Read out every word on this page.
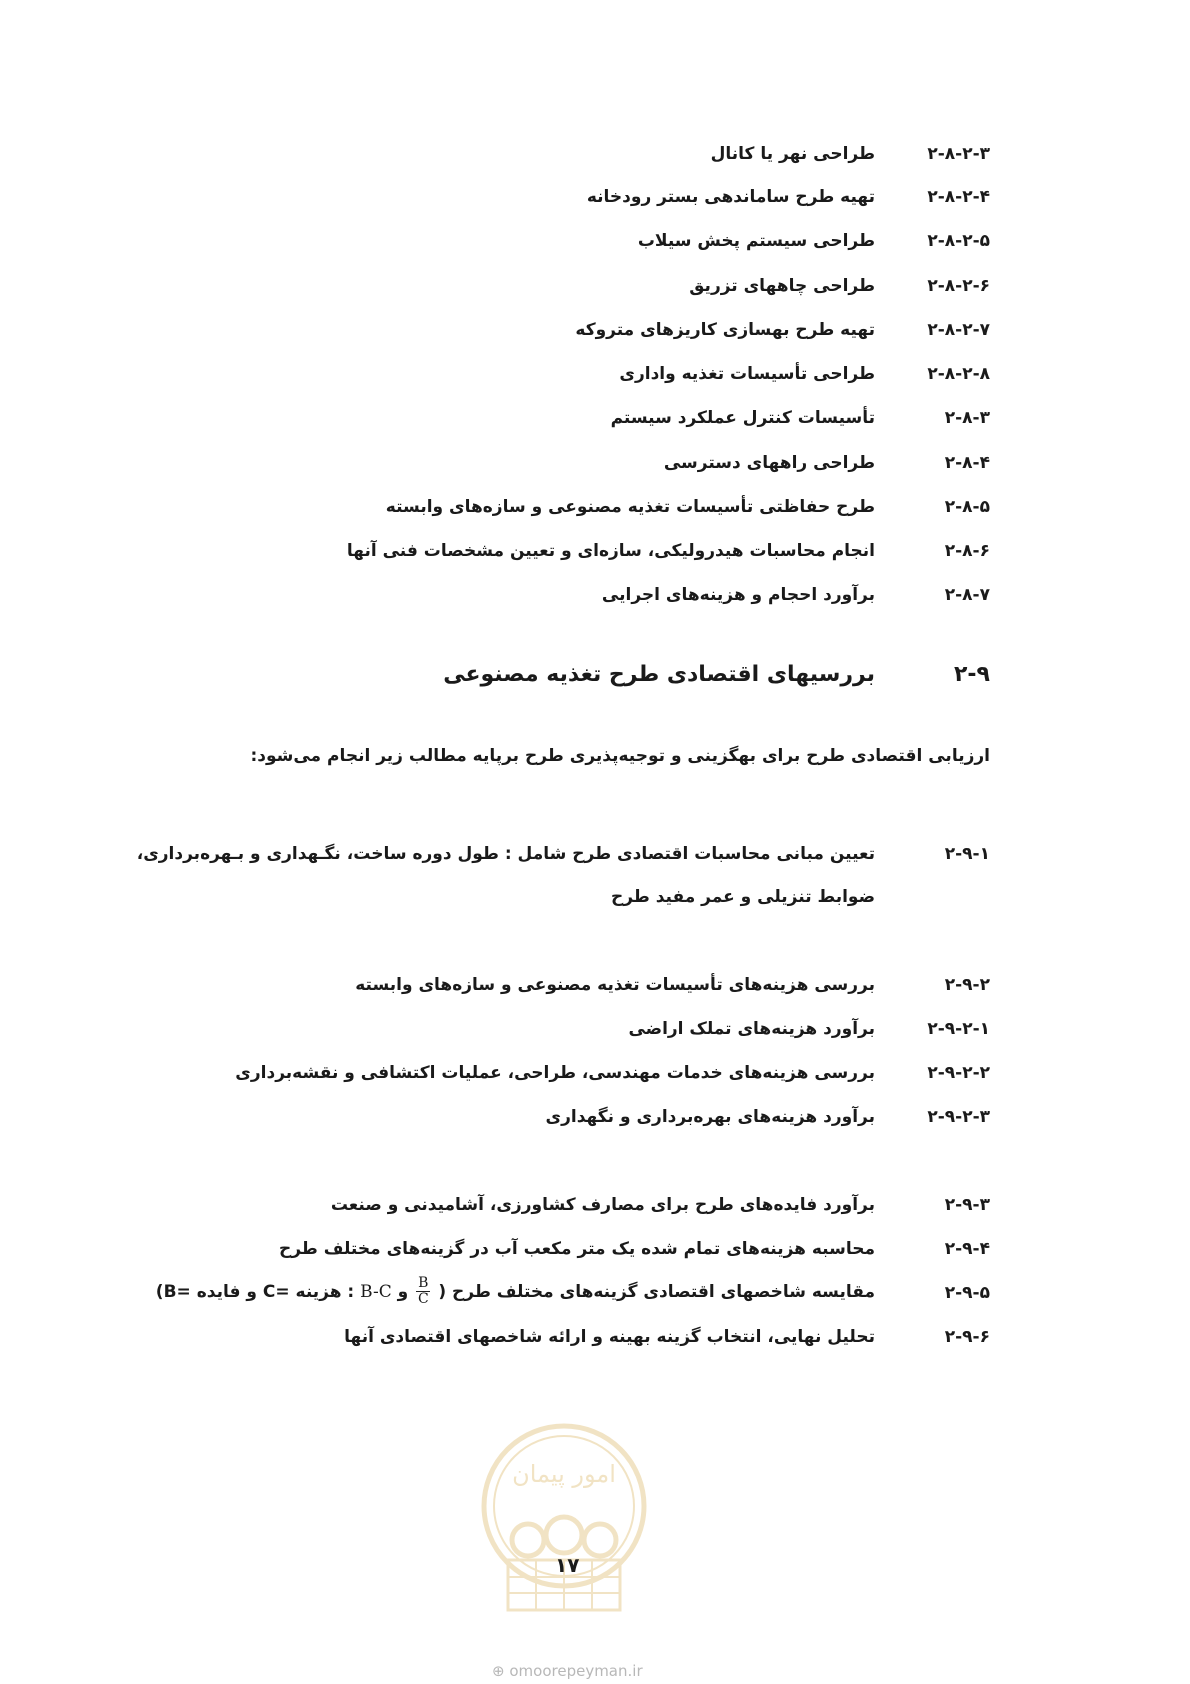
۲-۸-۲-۳
طراحی نهر یا کانال
۲-۸-۲-۴
تهیه طرح ساماندهی بستر رودخانه
۲-۸-۲-۵
طراحی سیستم پخش سیلاب
۲-۸-۲-۶
طراحی چاههای تزریق
۲-۸-۲-۷
تهیه طرح بهسازی کاریزهای متروکه
۲-۸-۲-۸
طراحی تأسیسات تغذیه واداری
۲-۸-۳
تأسیسات کنترل عملکرد سیستم
۲-۸-۴
طراحی راههای دسترسی
۲-۸-۵
طرح حفاظتی تأسیسات تغذیه مصنوعی و سازه‌های وابسته
۲-۸-۶
انجام محاسبات هیدرولیکی، سازه‌ای و تعیین مشخصات فنی آنها
۲-۸-۷
برآورد احجام و هزینه‌های اجرایی
۲-۹
بررسیهای اقتصادی طرح تغذیه مصنوعی

ارزیابی اقتصادی طرح برای بهگزینی و توجیه‌پذیری طرح برپایه مطالب زیر انجام می‌شود:

۲-۹-۱
تعیین مبانی محاسبات اقتصادی طرح شامل : طول دوره ساخت، نگـهداری و بـهره‌برداری،
ضوابط تنزیلی و عمر مفید طرح
۲-۹-۲
بررسی هزینه‌های تأسیسات تغذیه مصنوعی و سازه‌های وابسته
۲-۹-۲-۱
برآورد هزینه‌های تملک اراضی
۲-۹-۲-۲
بررسی هزینه‌های خدمات مهندسی، طراحی، عملیات اکتشافی و نقشه‌برداری
۲-۹-۲-۳
برآورد هزینه‌های بهره‌برداری و نگهداری
۲-۹-۳
برآورد فایده‌های طرح برای مصارف کشاورزی، آشامیدنی و صنعت
۲-۹-۴
محاسبه هزینه‌های تمام شده یک متر مکعب آب در گزینه‌های مختلف طرح
۲-۹-۵
مقایسه شاخصهای اقتصادی گزینه‌های مختلف طرح (
$\frac{B}{C}$
و B-C : هزینه =C و فایده =B)
۲-۹-۶
تحلیل نهایی، انتخاب گزینه بهینه و ارائه شاخصهای اقتصادی آنها
امور پیمان
۱۷
⊕ omoorepeyman.ir
